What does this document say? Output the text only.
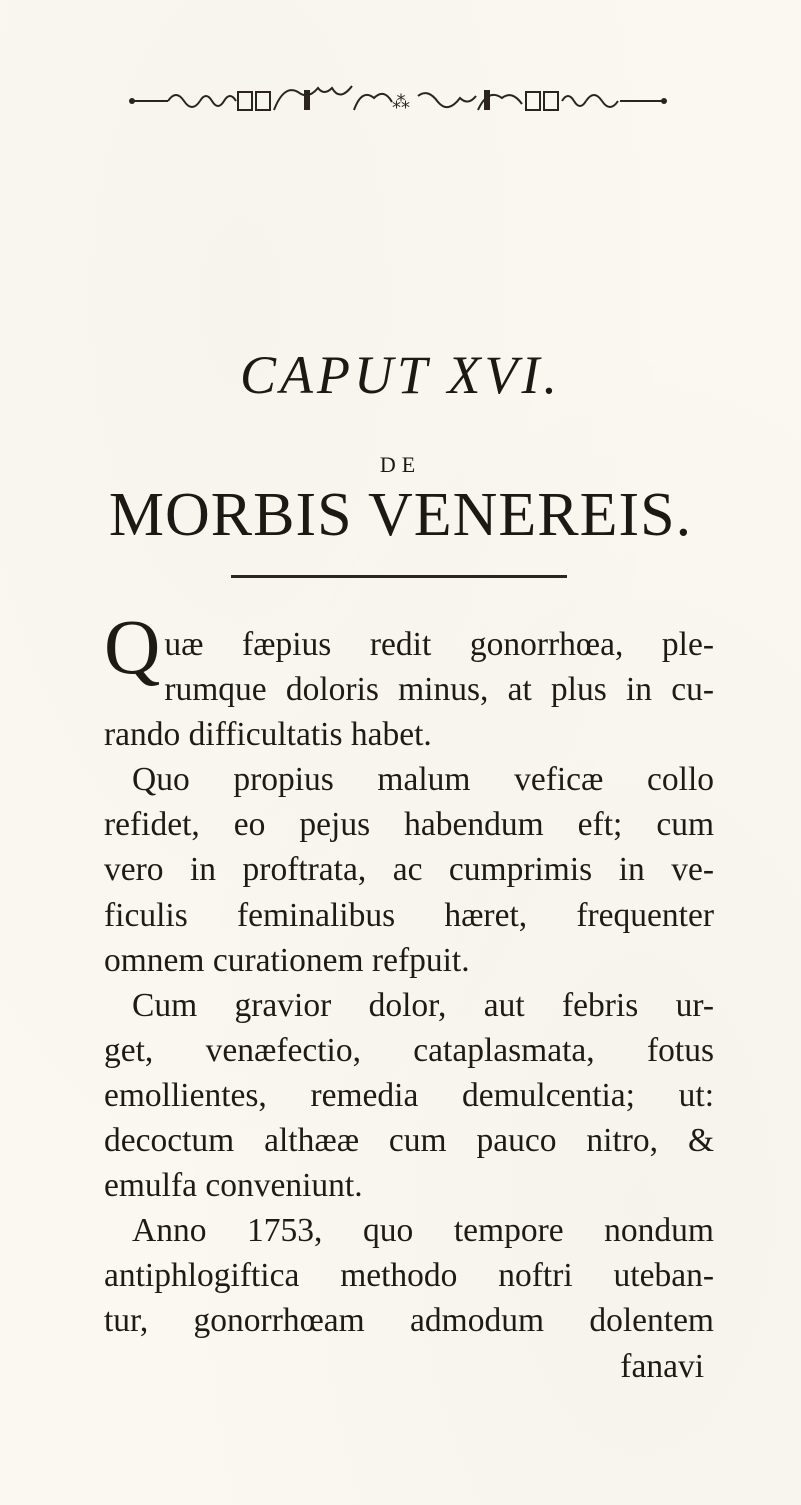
⁂
CAPUT XVI.
DE
MORBIS VENEREIS.
Quæ fæpius redit gonorrhœa, ple-
rumque doloris minus, at plus in cu-
rando difficultatis habet.
Quo propius malum veficæ collo
refidet, eo pejus habendum eft; cum
vero in proftrata, ac cumprimis in ve-
ficulis feminalibus hæret, frequenter
omnem curationem refpuit.
Cum gravior dolor, aut febris ur-
get, venæfectio, cataplasmata, fotus
emollientes, remedia demulcentia; ut:
decoctum althææ cum pauco nitro, &
emulfa conveniunt.
Anno 1753, quo tempore nondum
antiphlogiftica methodo noftri uteban-
tur, gonorrhœam admodum dolentem
fanavi
